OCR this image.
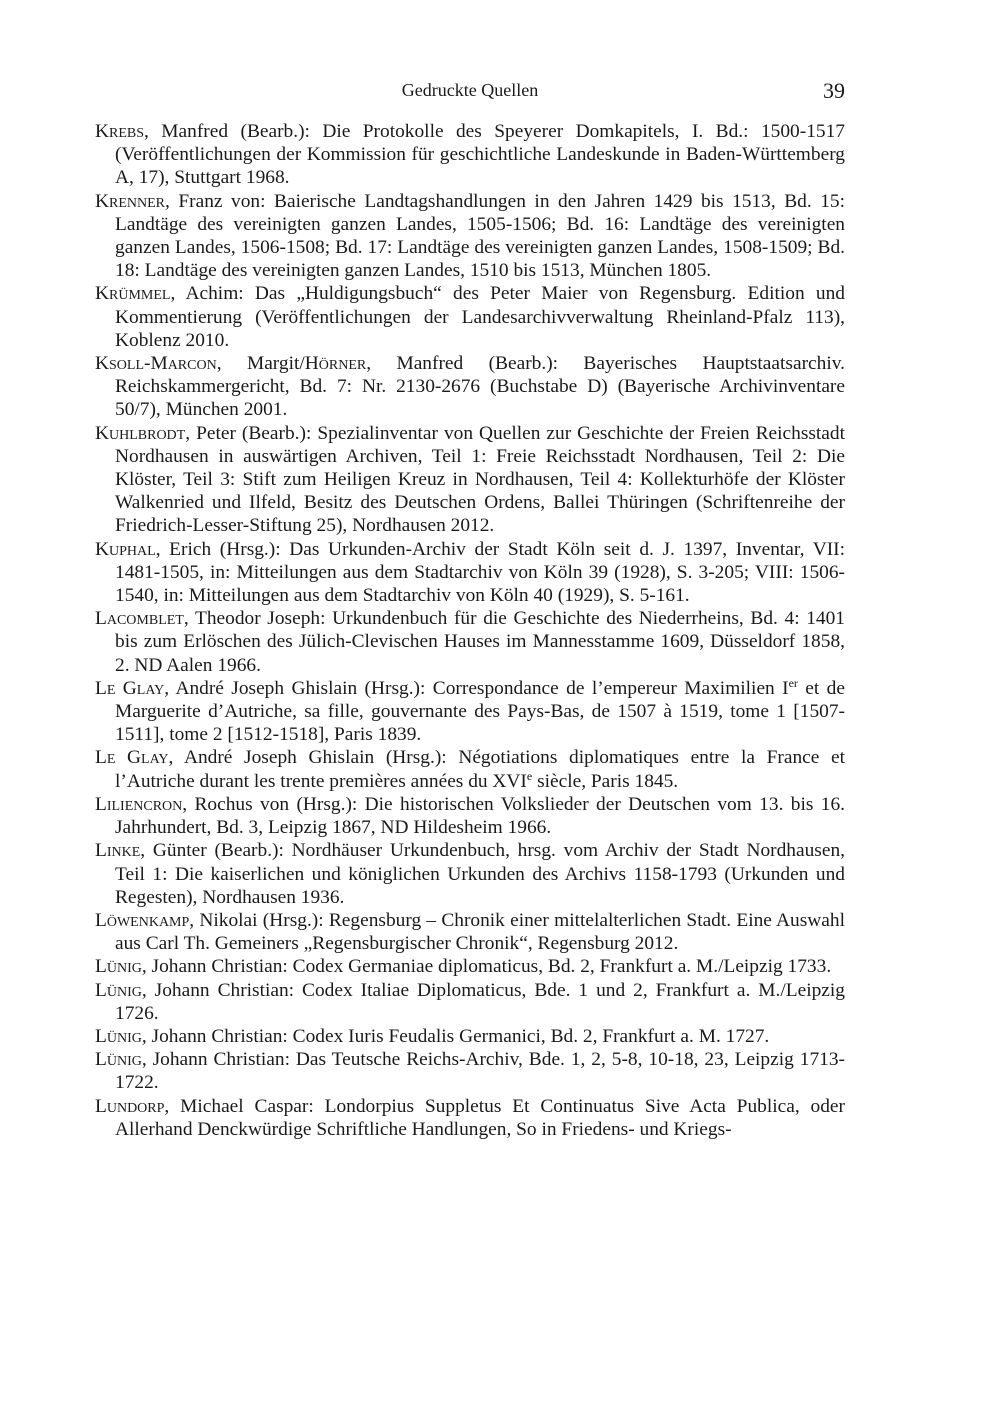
Gedruckte Quellen	39
Krebs, Manfred (Bearb.): Die Protokolle des Speyerer Domkapitels, I. Bd.: 1500-1517 (Veröffentlichungen der Kommission für geschichtliche Landeskunde in Baden-Württemberg A, 17), Stuttgart 1968.
Krenner, Franz von: Baierische Landtagshandlungen in den Jahren 1429 bis 1513, Bd. 15: Landtäge des vereinigten ganzen Landes, 1505-1506; Bd. 16: Landtäge des vereinigten ganzen Landes, 1506-1508; Bd. 17: Landtäge des vereinigten ganzen Landes, 1508-1509; Bd. 18: Landtäge des vereinigten ganzen Landes, 1510 bis 1513, München 1805.
Krümmel, Achim: Das „Huldigungsbuch“ des Peter Maier von Regensburg. Edition und Kommentierung (Veröffentlichungen der Landesarchivverwaltung Rheinland-Pfalz 113), Koblenz 2010.
Ksoll-Marcon, Margit/Hörner, Manfred (Bearb.): Bayerisches Hauptstaatsarchiv. Reichskammergericht, Bd. 7: Nr. 2130-2676 (Buchstabe D) (Bayerische Archivinventare 50/7), München 2001.
Kuhlbrodt, Peter (Bearb.): Spezialinventar von Quellen zur Geschichte der Freien Reichsstadt Nordhausen in auswärtigen Archiven, Teil 1: Freie Reichsstadt Nordhausen, Teil 2: Die Klöster, Teil 3: Stift zum Heiligen Kreuz in Nordhausen, Teil 4: Kollekturhöfe der Klöster Walkenried und Ilfeld, Besitz des Deutschen Ordens, Ballei Thüringen (Schriftenreihe der Friedrich-Lesser-Stiftung 25), Nordhausen 2012.
Kuphal, Erich (Hrsg.): Das Urkunden-Archiv der Stadt Köln seit d. J. 1397, Inventar, VII: 1481-1505, in: Mitteilungen aus dem Stadtarchiv von Köln 39 (1928), S. 3-205; VIII: 1506-1540, in: Mitteilungen aus dem Stadtarchiv von Köln 40 (1929), S. 5-161.
Lacomblet, Theodor Joseph: Urkundenbuch für die Geschichte des Niederrheins, Bd. 4: 1401 bis zum Erlöschen des Jülich-Clevischen Hauses im Mannesstamme 1609, Düsseldorf 1858, 2. ND Aalen 1966.
Le Glay, André Joseph Ghislain (Hrsg.): Correspondance de l’empereur Maximilien Ier et de Marguerite d’Autriche, sa fille, gouvernante des Pays-Bas, de 1507 à 1519, tome 1 [1507-1511], tome 2 [1512-1518], Paris 1839.
Le Glay, André Joseph Ghislain (Hrsg.): Négotiations diplomatiques entre la France et l’Autriche durant les trente premières années du XVIe siècle, Paris 1845.
Liliencron, Rochus von (Hrsg.): Die historischen Volkslieder der Deutschen vom 13. bis 16. Jahrhundert, Bd. 3, Leipzig 1867, ND Hildesheim 1966.
Linke, Günter (Bearb.): Nordhäuser Urkundenbuch, hrsg. vom Archiv der Stadt Nordhausen, Teil 1: Die kaiserlichen und königlichen Urkunden des Archivs 1158-1793 (Urkunden und Regesten), Nordhausen 1936.
Löwenkamp, Nikolai (Hrsg.): Regensburg – Chronik einer mittelalterlichen Stadt. Eine Auswahl aus Carl Th. Gemeiners „Regensburgischer Chronik“, Regensburg 2012.
Lünig, Johann Christian: Codex Germaniae diplomaticus, Bd. 2, Frankfurt a. M./Leipzig 1733.
Lünig, Johann Christian: Codex Italiae Diplomaticus, Bde. 1 und 2, Frankfurt a. M./Leipzig 1726.
Lünig, Johann Christian: Codex Iuris Feudalis Germanici, Bd. 2, Frankfurt a. M. 1727.
Lünig, Johann Christian: Das Teutsche Reichs-Archiv, Bde. 1, 2, 5-8, 10-18, 23, Leipzig 1713-1722.
Lundorp, Michael Caspar: Londorpius Suppletus Et Continuatus Sive Acta Publica, oder Allerhand Denckwürdige Schriftliche Handlungen, So in Friedens- und Kriegs-
